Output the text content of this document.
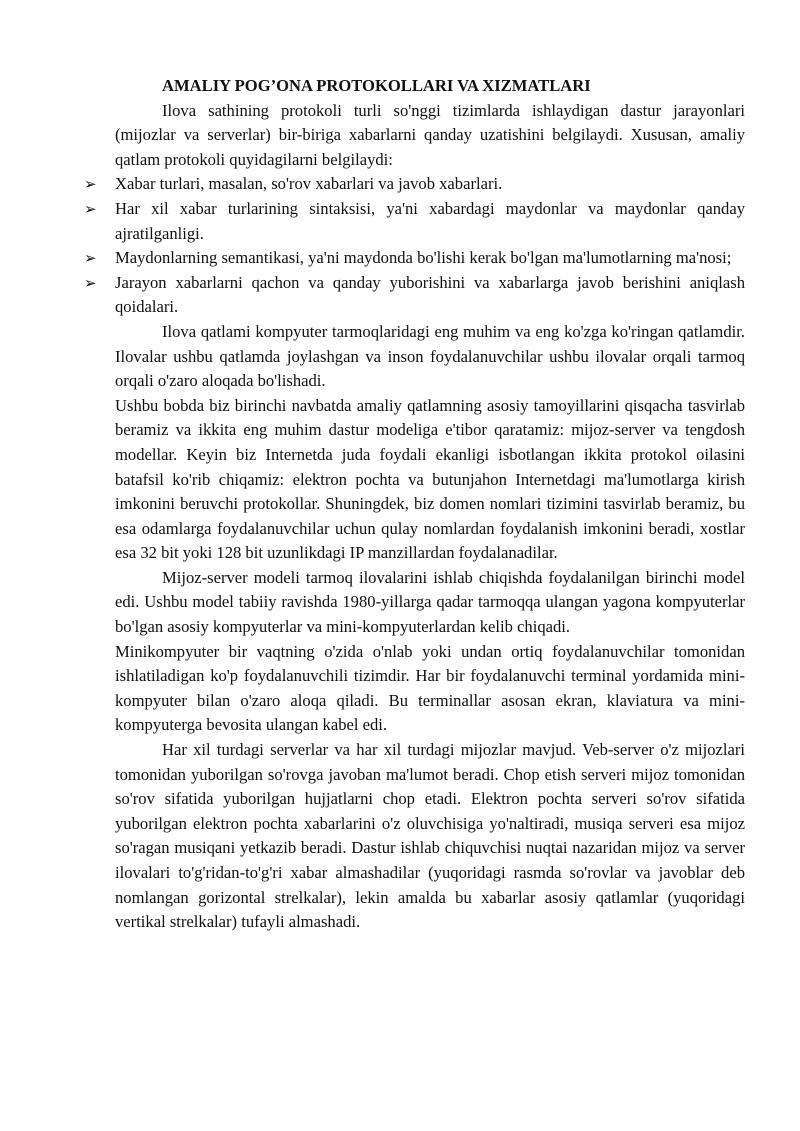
AMALIY POG’ONA PROTOKOLLARI VA XIZMATLARI

Ilova sathining protokoli turli so'nggi tizimlarda ishlaydigan dastur jarayonlari (mijozlar va serverlar) bir-biriga xabarlarni qanday uzatishini belgilaydi. Xususan, amaliy qatlam protokoli quyidagilarni belgilaydi:

➢ Xabar turlari, masalan, so'rov xabarlari va javob xabarlari.
➢ Har xil xabar turlarining sintaksisi, ya'ni xabardagi maydonlar va maydonlar qanday ajratilganligi.
➢ Maydonlarning semantikasi, ya'ni maydonda bo'lishi kerak bo'lgan ma'lumotlarning ma'nosi;
➢ Jarayon xabarlarni qachon va qanday yuborishini va xabarlarga javob berishini aniqlash qoidalari.

Ilova qatlami kompyuter tarmoqlaridagi eng muhim va eng ko'zga ko'ringan qatlamdir. Ilovalar ushbu qatlamda joylashgan va inson foydalanuvchilar ushbu ilovalar orqali tarmoq orqali o'zaro aloqada bo'lishadi.

Ushbu bobda biz birinchi navbatda amaliy qatlamning asosiy tamoyillarini qisqacha tasvirlab beramiz va ikkita eng muhim dastur modeliga e'tibor qaratamiz: mijoz-server va tengdosh modellar. Keyin biz Internetda juda foydali ekanligi isbotlangan ikkita protokol oilasini batafsil ko'rib chiqamiz: elektron pochta va butunjahon Internetdagi ma'lumotlarga kirish imkonini beruvchi protokollar. Shuningdek, biz domen nomlari tizimini tasvirlab beramiz, bu esa odamlarga foydalanuvchilar uchun qulay nomlardan foydalanish imkonini beradi, xostlar esa 32 bit yoki 128 bit uzunlikdagi IP manzillardan foydalanadilar.

Mijoz-server modeli tarmoq ilovalarini ishlab chiqishda foydalanilgan birinchi model edi. Ushbu model tabiiy ravishda 1980-yillarga qadar tarmoqqa ulangan yagona kompyuterlar bo'lgan asosiy kompyuterlar va mini-kompyuterlardan kelib chiqadi.

Minikompyuter bir vaqtning o'zida o'nlab yoki undan ortiq foydalanuvchilar tomonidan ishlatiladigan ko'p foydalanuvchili tizimdir. Har bir foydalanuvchi terminal yordamida mini-kompyuter bilan o'zaro aloqa qiladi. Bu terminallar asosan ekran, klaviatura va mini-kompyuterga bevosita ulangan kabel edi.

Har xil turdagi serverlar va har xil turdagi mijozlar mavjud. Veb-server o'z mijozlari tomonidan yuborilgan so'rovga javoban ma'lumot beradi. Chop etish serveri mijoz tomonidan so'rov sifatida yuborilgan hujjatlarni chop etadi. Elektron pochta serveri so'rov sifatida yuborilgan elektron pochta xabarlarini o'z oluvchisiga yo'naltiradi, musiqa serveri esa mijoz so'ragan musiqani yetkazib beradi. Dastur ishlab chiquvchisi nuqtai nazaridan mijoz va server ilovalari to'g'ridan-to'g'ri xabar almashadilar (yuqoridagi rasmda so'rovlar va javoblar deb nomlangan gorizontal strelkalar), lekin amalda bu xabarlar asosiy qatlamlar (yuqoridagi vertikal strelkalar) tufayli almashadi.
